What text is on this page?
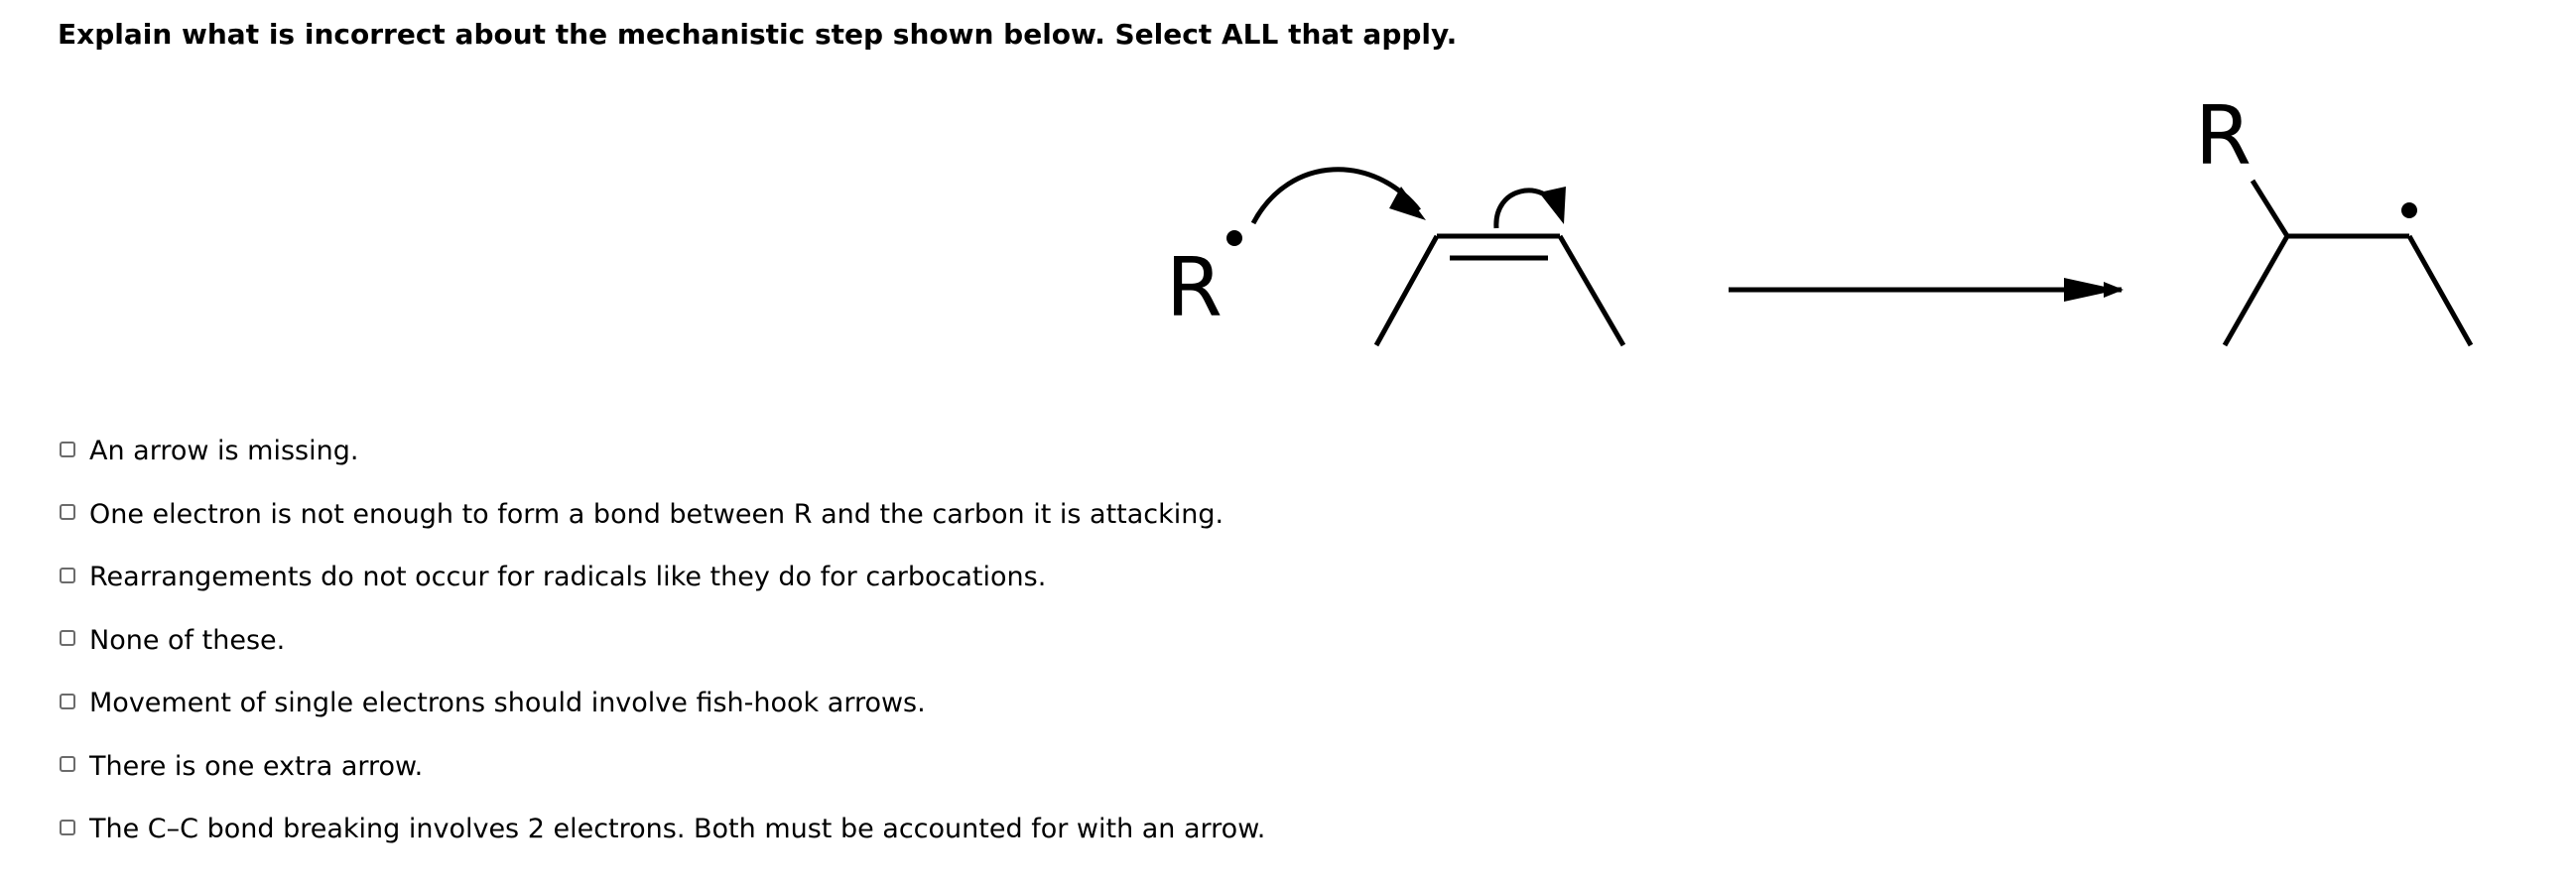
Explain what is incorrect about the mechanistic step shown below. Select ALL that apply.
R
R
An arrow is missing.
One electron is not enough to form a bond between R and the carbon it is attacking.
Rearrangements do not occur for radicals like they do for carbocations.
None of these.
Movement of single electrons should involve fish-hook arrows.
There is one extra arrow.
The C–C bond breaking involves 2 electrons. Both must be accounted for with an arrow.
